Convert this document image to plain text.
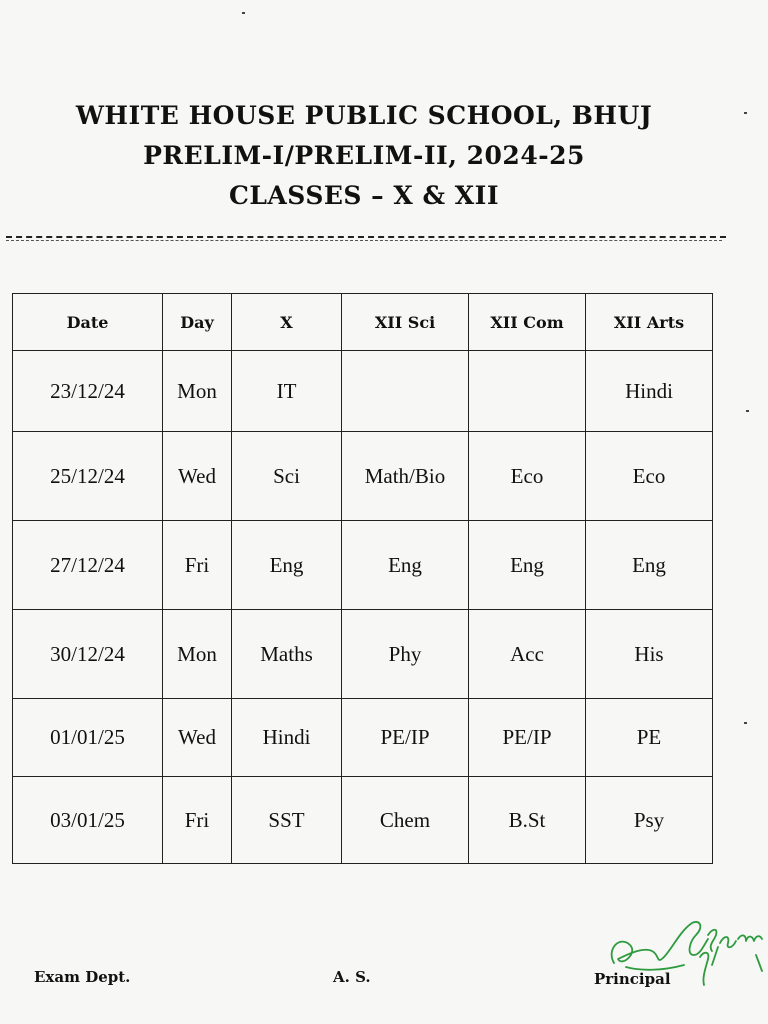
WHITE HOUSE PUBLIC SCHOOL, BHUJ
PRELIM-I/PRELIM-II, 2024-25
CLASSES – X & XII
Date	Day	X	XII Sci	XII Com	XII Arts
23/12/24	Mon	IT			Hindi
25/12/24	Wed	Sci	Math/Bio	Eco	Eco
27/12/24	Fri	Eng	Eng	Eng	Eng
30/12/24	Mon	Maths	Phy	Acc	His
01/01/25	Wed	Hindi	PE/IP	PE/IP	PE
03/01/25	Fri	SST	Chem	B.St	Psy
Exam Dept.	A. S.	Principal
